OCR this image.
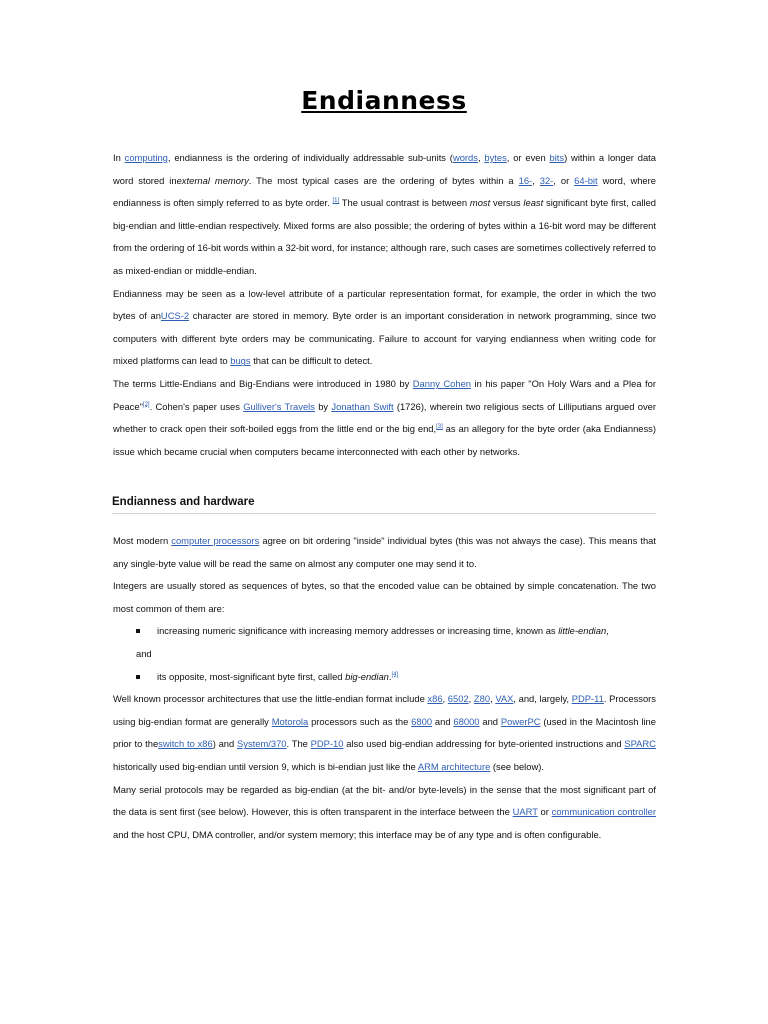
Endianness

In computing, endianness is the ordering of individually addressable sub-units (words, bytes, or even bits) within a longer data word stored inexternal memory. The most typical cases are the ordering of bytes within a 16-, 32-, or 64-bit word, where endianness is often simply referred to as byte order. [1] The usual contrast is between most versus least significant byte first, called big-endian and little-endian respectively. Mixed forms are also possible; the ordering of bytes within a 16-bit word may be different from the ordering of 16-bit words within a 32-bit word, for instance; although rare, such cases are sometimes collectively referred to as mixed-endian or middle-endian.

Endianness may be seen as a low-level attribute of a particular representation format, for example, the order in which the two bytes of anUCS-2 character are stored in memory. Byte order is an important consideration in network programming, since two computers with different byte orders may be communicating. Failure to account for varying endianness when writing code for mixed platforms can lead to bugs that can be difficult to detect.

The terms Little-Endians and Big-Endians were introduced in 1980 by Danny Cohen in his paper "On Holy Wars and a Plea for Peace"[2]. Cohen's paper uses Gulliver's Travels by Jonathan Swift (1726), wherein two religious sects of Lilliputians argued over whether to crack open their soft-boiled eggs from the little end or the big end,[3] as an allegory for the byte order (aka Endianness) issue which became crucial when computers became interconnected with each other by networks.

Endianness and hardware

Most modern computer processors agree on bit ordering "inside" individual bytes (this was not always the case). This means that any single-byte value will be read the same on almost any computer one may send it to.

Integers are usually stored as sequences of bytes, so that the encoded value can be obtained by simple concatenation. The two most common of them are:

increasing numeric significance with increasing memory addresses or increasing time, known as little-endian,

and

its opposite, most-significant byte first, called big-endian.[4]

Well known processor architectures that use the little-endian format include x86, 6502, Z80, VAX, and, largely, PDP-11. Processors using big-endian format are generally Motorola processors such as the 6800 and 68000 and PowerPC (used in the Macintosh line prior to theswitch to x86) and System/370. The PDP-10 also used big-endian addressing for byte-oriented instructions and SPARC historically used big-endian until version 9, which is bi-endian just like the ARM architecture (see below).

Many serial protocols may be regarded as big-endian (at the bit- and/or byte-levels) in the sense that the most significant part of the data is sent first (see below). However, this is often transparent in the interface between the UART or communication controller and the host CPU, DMA controller, and/or system memory; this interface may be of any type and is often configurable.
